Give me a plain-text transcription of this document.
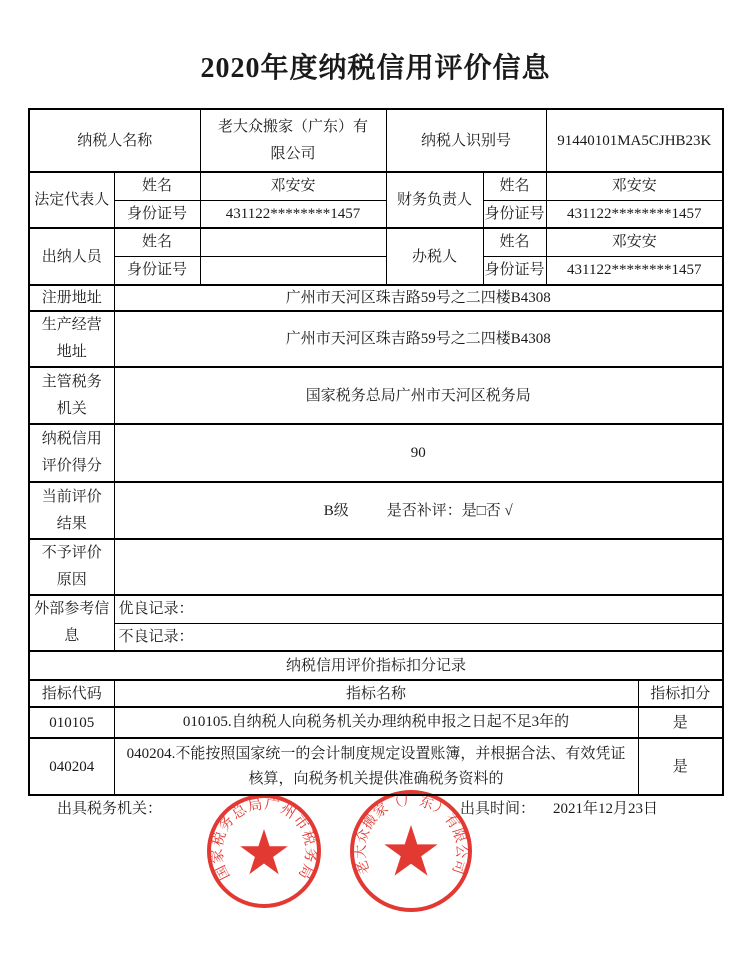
2020年度纳税信用评价信息
纳税人名称		老大众搬家（广东）有限公司	纳税人识别号		91440101MA5CJHB23K	
法定代表人	姓名	邓安安	财务负责人	姓名	邓安安	
	身份证号	431122********1457		身份证号	431122********1457	
出纳人员	姓名		办税人	姓名	邓安安	
	身份证号			身份证号	431122********1457	
注册地址	广州市天河区珠吉路59号之二四楼B4308					
生产经营地址	广州市天河区珠吉路59号之二四楼B4308					
主管税务机关	国家税务总局广州市天河区税务局					
纳税信用评价得分	90					
当前评价结果	B级 是否补评：是□否 √					
不予评价原因						
外部参考信息	优良记录：					
	不良记录：					
纳税信用评价指标扣分记录						
指标代码	指标名称					指标扣分
010105	010105.自纳税人向税务机关办理纳税申报之日起不足3年的					是
040204	040204.不能按照国家统一的会计制度规定设置账簿，并根据合法、有效凭证核算，向税务机关提供准确税务资料的					是
出具税务机关：	出具时间： 2021年12月23日
国家税务总局广州市税务局	老大众搬家（广东）有限公司
